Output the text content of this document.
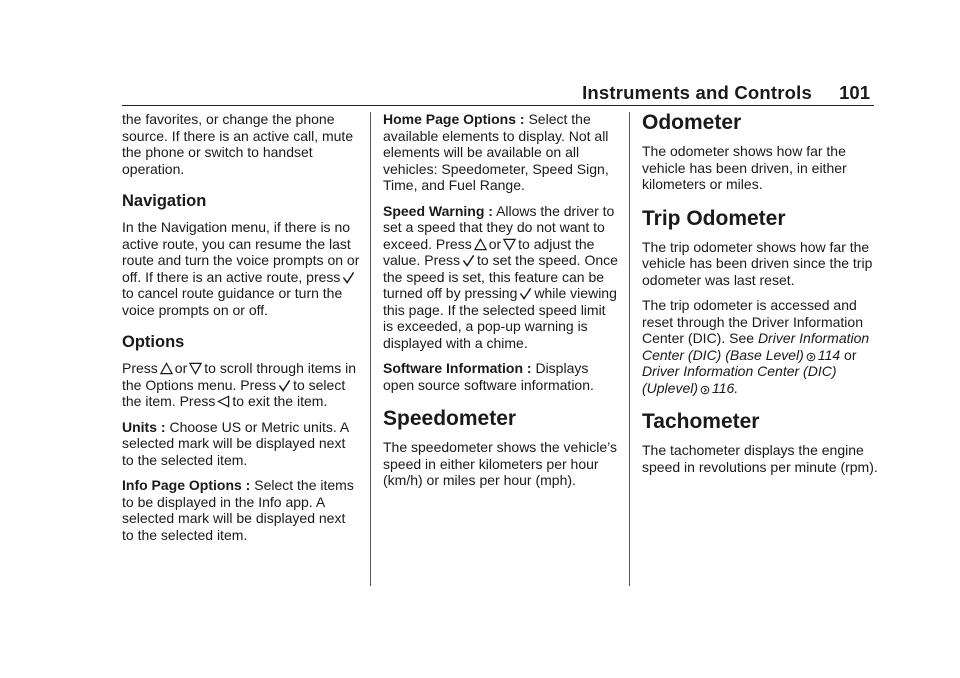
Instruments and Controls 101

the favorites, or change the phone source. If there is an active call, mute the phone or switch to handset operation.

Navigation

In the Navigation menu, if there is no active route, you can resume the last route and turn the voice prompts on or off. If there is an active route, press
to cancel route guidance or turn the voice prompts on or off.

Options

Press or to scroll through items in the Options menu. Press to select the item. Press to exit the item.

Units : Choose US or Metric units. A selected mark will be displayed next to the selected item.

Info Page Options : Select the items to be displayed in the Info app. A selected mark will be displayed next to the selected item.

Home Page Options : Select the available elements to display. Not all elements will be available on all vehicles: Speedometer, Speed Sign, Time, and Fuel Range.

Speed Warning : Allows the driver to set a speed that they do not want to exceed. Press or to adjust the value. Press to set the speed. Once the speed is set, this feature can be turned off by pressing while viewing this page. If the selected speed limit is exceeded, a pop-up warning is displayed with a chime.

Software Information : Displays open source software information.

Speedometer

The speedometer shows the vehicle’s speed in either kilometers per hour (km/h) or miles per hour (mph).

Odometer

The odometer shows how far the vehicle has been driven, in either kilometers or miles.

Trip Odometer

The trip odometer shows how far the vehicle has been driven since the trip odometer was last reset.

The trip odometer is accessed and reset through the Driver Information Center (DIC). See Driver Information Center (DIC) (Base Level) 114 or Driver Information Center (DIC) (Uplevel) 116.

Tachometer

The tachometer displays the engine speed in revolutions per minute (rpm).
